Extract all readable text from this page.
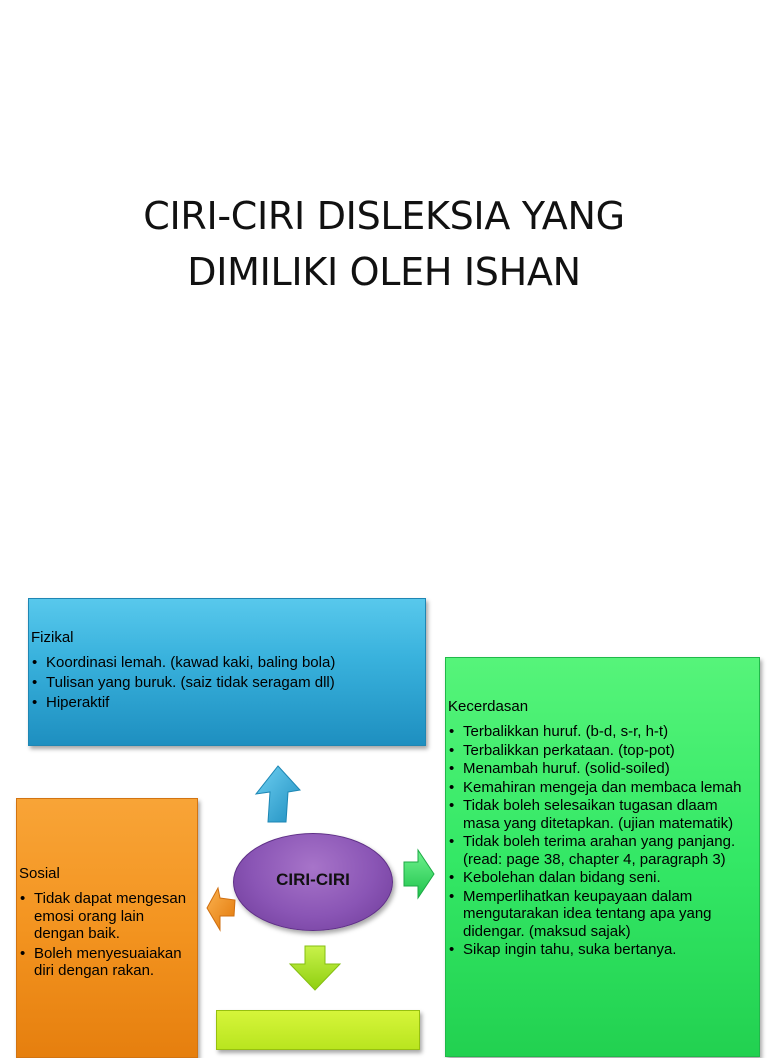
CIRI-CIRI DISLEKSIA YANG
DIMILIKI OLEH ISHAN
Fizikal
• Koordinasi lemah. (kawad kaki, baling bola)
• Tulisan yang buruk. (saiz tidak seragam dll)
• Hiperaktif	Kecerdasan
• Terbalikkan huruf. (b-d, s-r, h-t)
• Terbalikkan perkataan. (top-pot)
• Menambah huruf. (solid-soiled)
• Kemahiran mengeja dan membaca lemah
• Tidak boleh selesaikan tugasan dlaam masa yang ditetapkan. (ujian matematik)
• Tidak boleh terima arahan yang panjang. (read: page 38, chapter 4, paragraph 3)
• Kebolehan dalan bidang seni.
• Memperlihatkan keupayaan dalam mengutarakan idea tentang apa yang didengar. (maksud sajak)
• Sikap ingin tahu, suka bertanya.
Sosial
• Tidak dapat mengesan emosi orang lain dengan baik.
• Boleh menyesuaiakan diri dengan rakan.
CIRI-CIRI
